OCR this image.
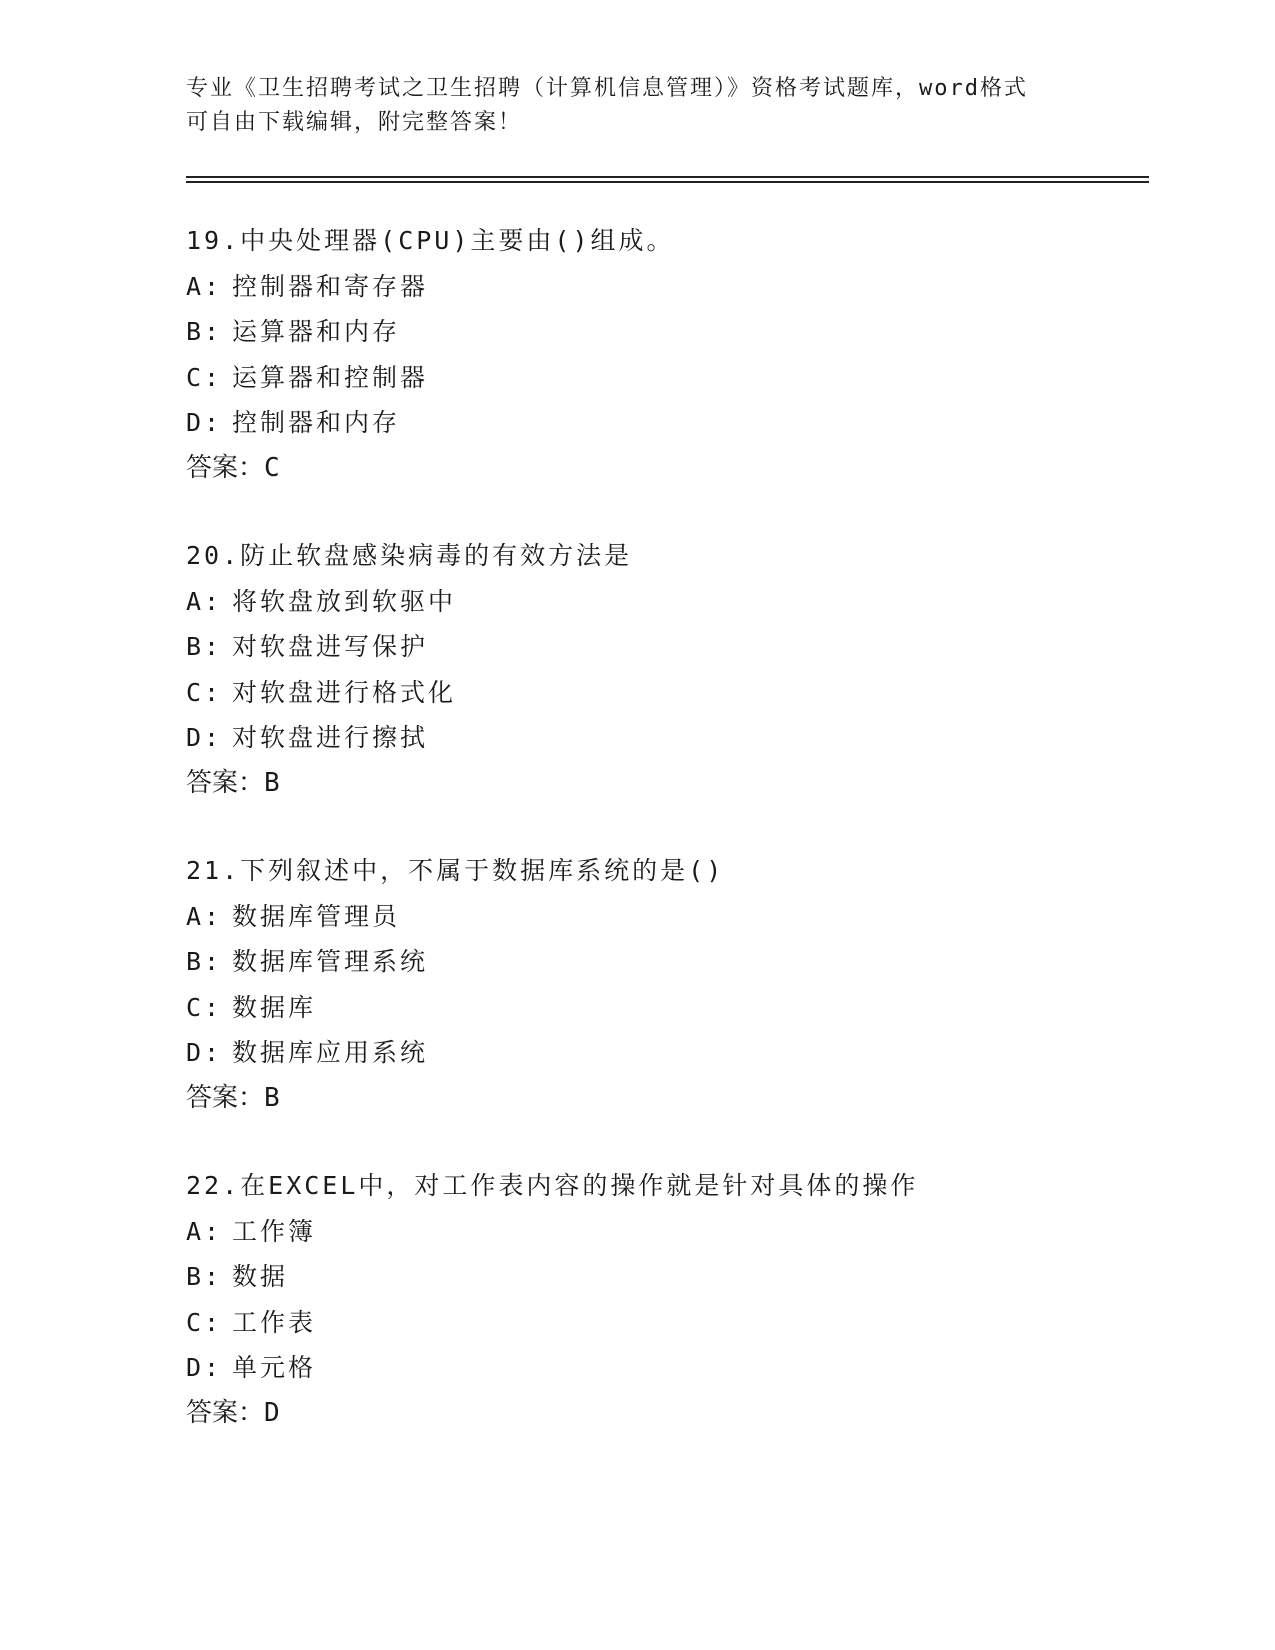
专业《卫生招聘考试之卫生招聘（计算机信息管理）》资格考试题库，word格式
可自由下载编辑，附完整答案！
19.中央处理器(CPU)主要由()组成。
A: 控制器和寄存器
B: 运算器和内存
C: 运算器和控制器
D: 控制器和内存
答案：C
20.防止软盘感染病毒的有效方法是
A: 将软盘放到软驱中
B: 对软盘进写保护
C: 对软盘进行格式化
D: 对软盘进行擦拭
答案：B
21.下列叙述中，不属于数据库系统的是()
A: 数据库管理员
B: 数据库管理系统
C: 数据库
D: 数据库应用系统
答案：B
22.在EXCEL中，对工作表内容的操作就是针对具体的操作
A: 工作簿
B: 数据
C: 工作表
D: 单元格
答案：D
